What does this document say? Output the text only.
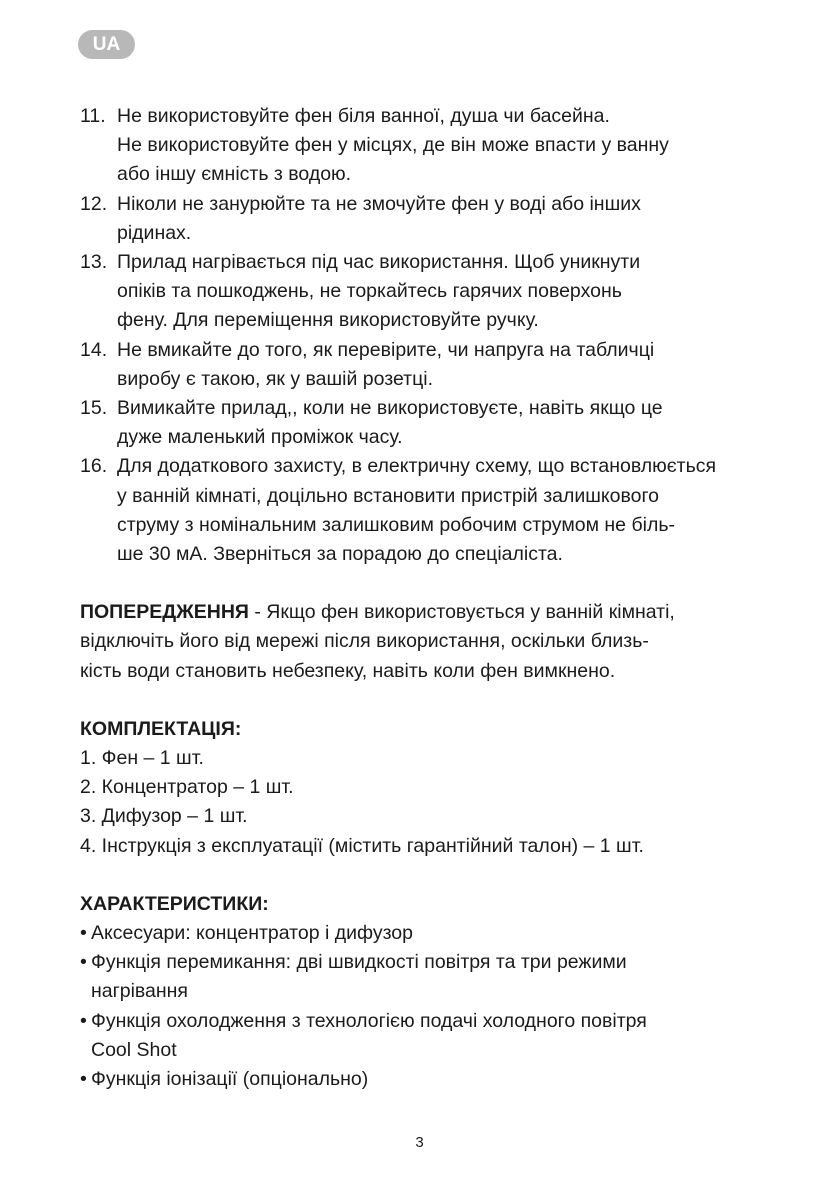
UA
11. Не використовуйте фен біля ванної, душа чи басейна.
Не використовуйте фен у місцях, де він може впасти у ванну
або іншу ємність з водою.
12. Ніколи не занурюйте та не змочуйте фен у воді або інших
рідинах.
13. Прилад нагрівається під час використання. Щоб уникнути
опіків та пошкоджень, не торкайтесь гарячих поверхонь
фену. Для переміщення використовуйте ручку.
14. Не вмикайте до того, як перевірите, чи напруга на табличці
виробу є такою, як у вашій розетці.
15. Вимикайте прилад,, коли не використовуєте, навіть якщо це
дуже маленький проміжок часу.
16. Для додаткового захисту, в електричну схему, що встановлюється
у ванній кімнаті, доцільно встановити пристрій залишкового
струму з номінальним залишковим робочим струмом не біль-
ше 30 мА. Зверніться за порадою до спеціаліста.
ПОПЕРЕДЖЕННЯ - Якщо фен використовується у ванній кімнаті,
відключіть його від мережі після використання, оскільки близь-
кість води становить небезпеку, навіть коли фен вимкнено.
КОМПЛЕКТАЦІЯ:
1. Фен – 1 шт.
2. Концентратор – 1 шт.
3. Дифузор – 1 шт.
4. Інструкція з експлуатації (містить гарантійний талон) – 1 шт.
ХАРАКТЕРИСТИКИ:
• Аксесуари: концентратор і дифузор
• Функція перемикання: дві швидкості повітря та три режими
нагрівання
• Функція охолодження з технологією подачі холодного повітря
Cool Shot
• Функція іонізації (опціонально)
3
